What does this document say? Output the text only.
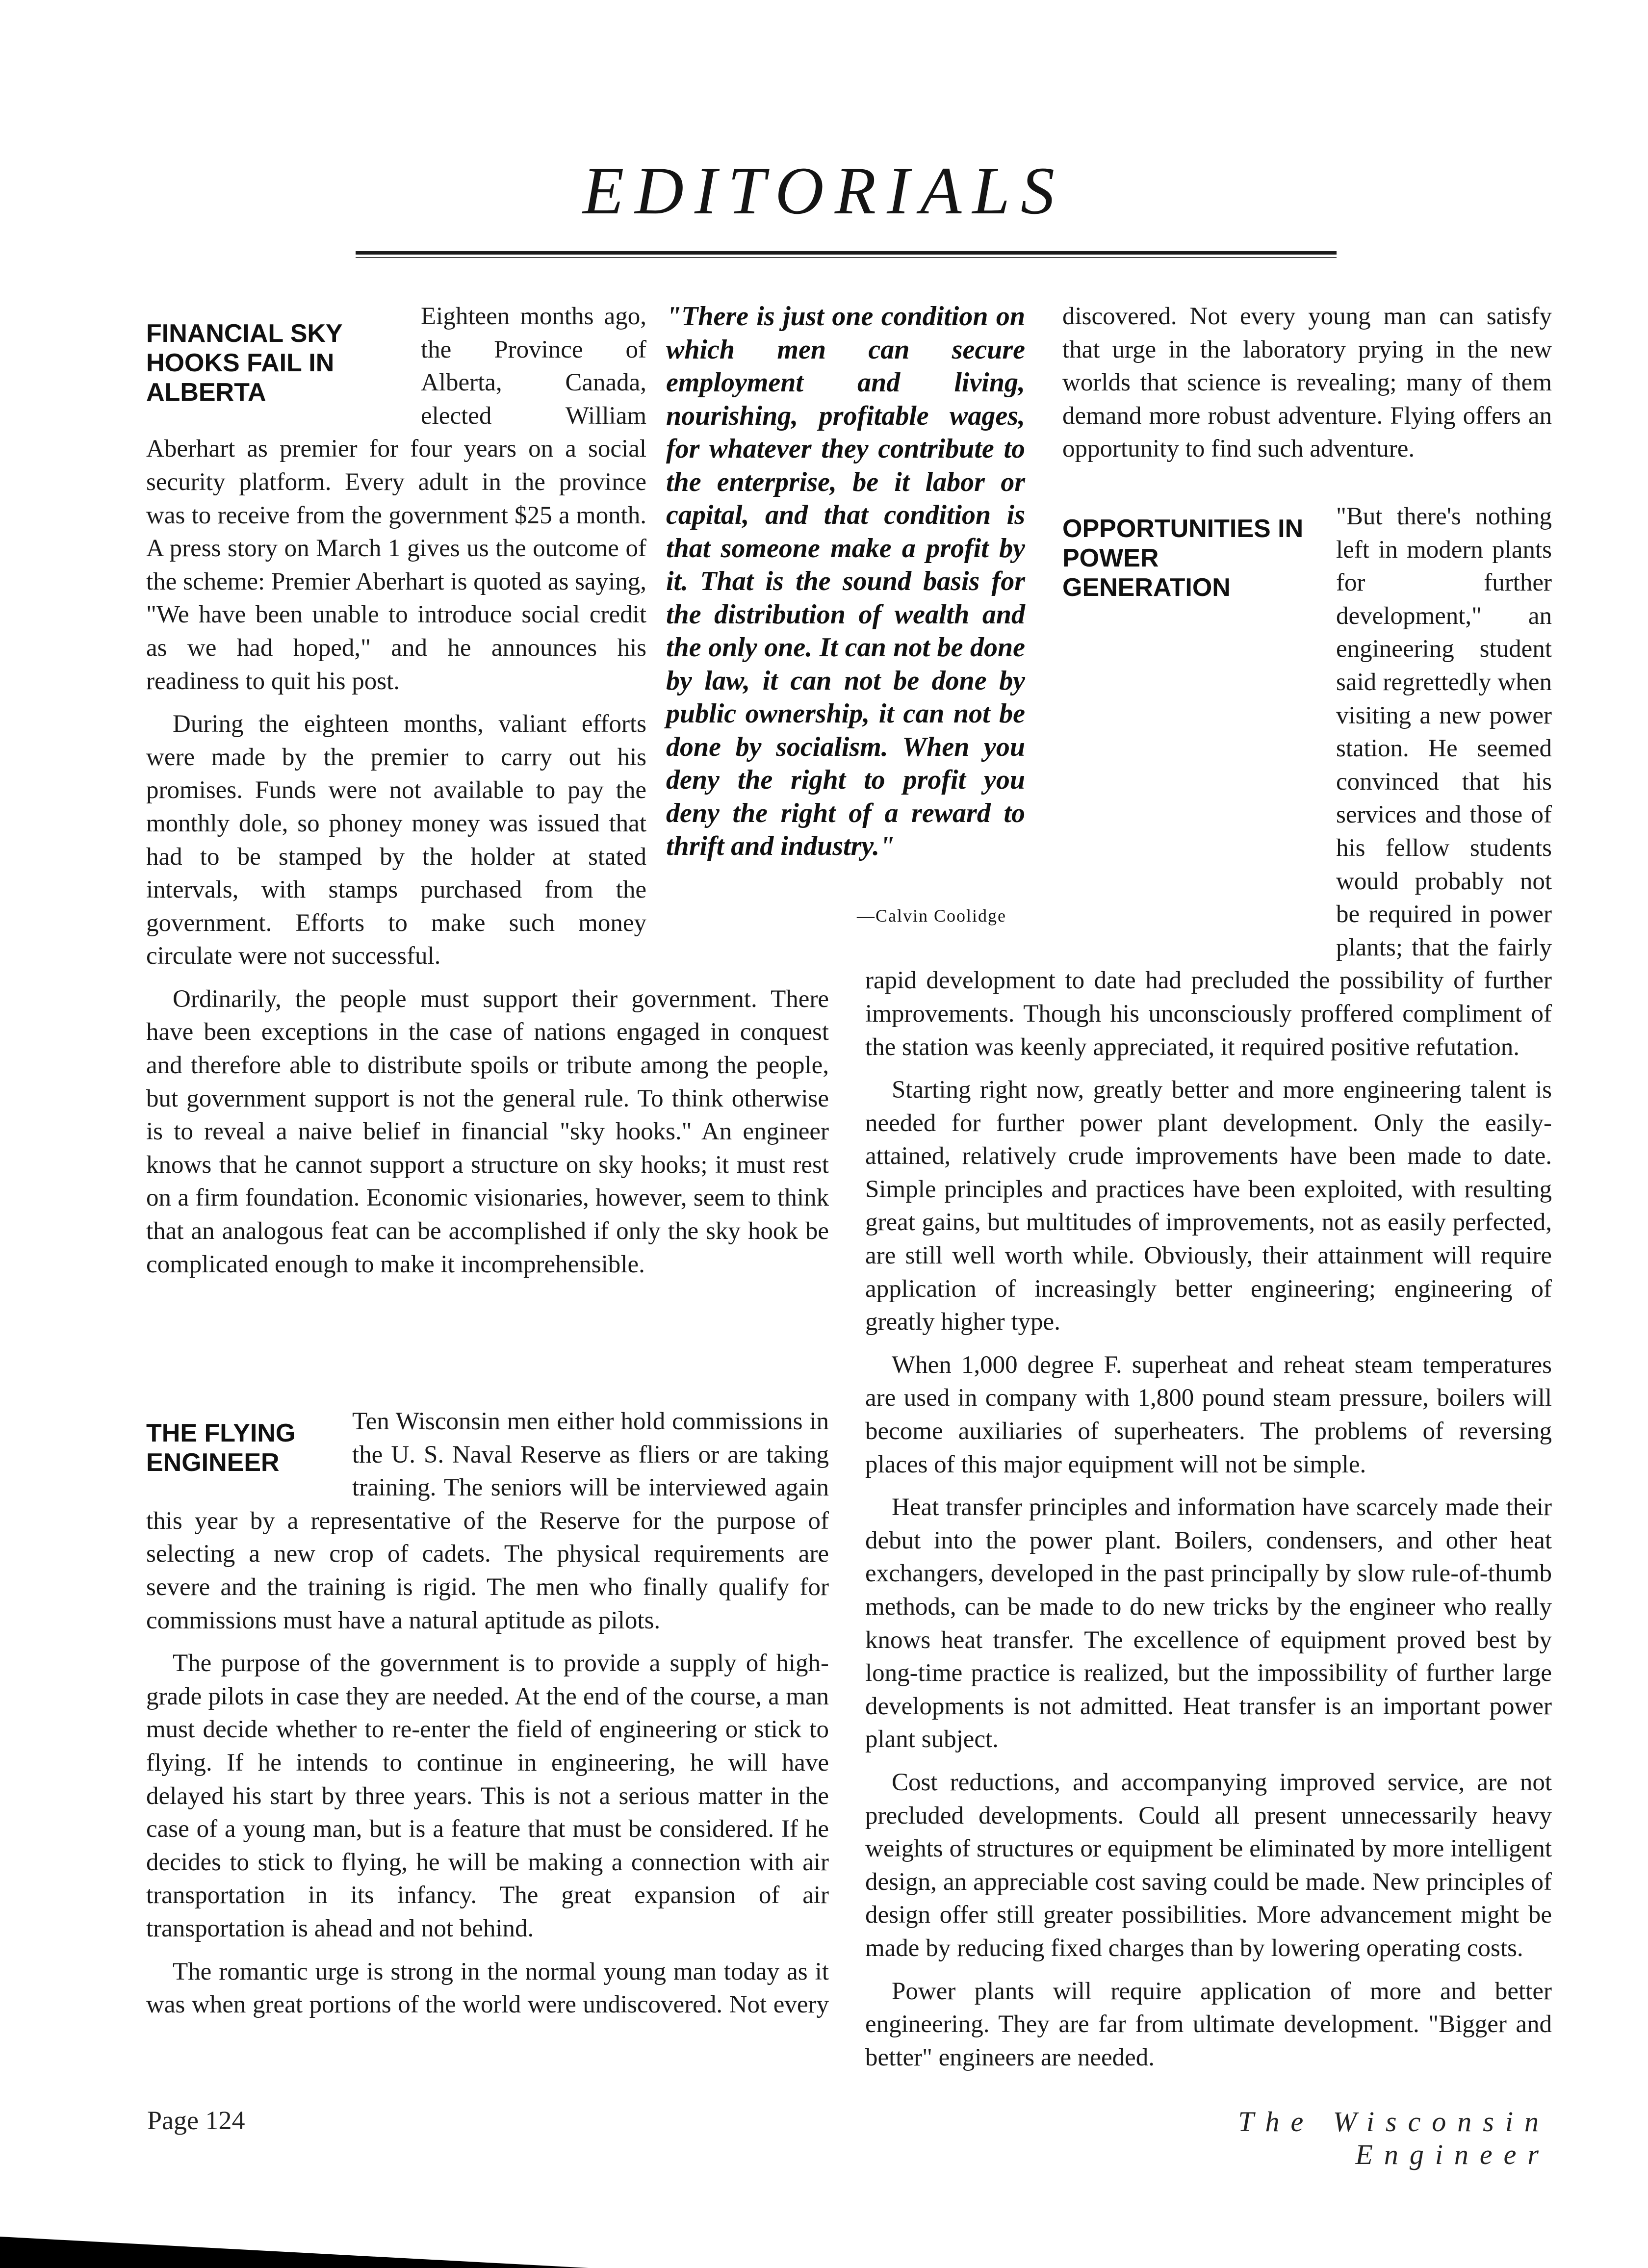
EDITORIALS
FINANCIAL SKY HOOKS FAIL IN ALBERTA

Eighteen months ago, the Province of Alberta, Canada, elected William Aberhart as premier for four years on a social security platform. Every adult in the province was to receive from the government $25 a month. A press story on March 1 gives us the outcome of the scheme: Premier Aberhart is quoted as saying, "We have been unable to introduce social credit as we had hoped," and he announces his readiness to quit his post.

During the eighteen months, valiant efforts were made by the premier to carry out his promises. Funds were not available to pay the monthly dole, so phoney money was issued that had to be stamped by the holder at stated intervals, with stamps purchased from the government. Efforts to make such money circulate were not successful.

Ordinarily, the people must support their government. There have been exceptions in the case of nations engaged in conquest and therefore able to distribute spoils or tribute among the people, but government support is not the general rule. To think otherwise is to reveal a naive belief in financial "sky hooks." An engineer knows that he cannot support a structure on sky hooks; it must rest on a firm foundation. Economic visionaries, however, seem to think that an analogous feat can be accomplished if only the sky hook be complicated enough to make it incomprehensible.

THE FLYING ENGINEER

Ten Wisconsin men either hold commissions in the U. S. Naval Reserve as fliers or are taking training. The seniors will be interviewed again this year by a representative of the Reserve for the purpose of selecting a new crop of cadets. The physical requirements are severe and the training is rigid. The men who finally qualify for commissions must have a natural aptitude as pilots.

The purpose of the government is to provide a supply of high-grade pilots in case they are needed. At the end of the course, a man must decide whether to re-enter the field of engineering or stick to flying. If he intends to continue in engineering, he will have delayed his start by three years. This is not a serious matter in the case of a young man, but is a feature that must be considered. If he decides to stick to flying, he will be making a connection with air transportation in its infancy. The great expansion of air transportation is ahead and not behind.

The romantic urge is strong in the normal young man today as it was when great portions of the world were undiscovered. Not every

"There is just one condition on which men can secure employment and living, nourishing, profitable wages, for whatever they contribute to the enterprise, be it labor or capital, and that condition is that someone make a profit by it. That is the sound basis for the distribution of wealth and the only one. It can not be done by law, it can not be done by public ownership, it can not be done by socialism. When you deny the right to profit you deny the right of a reward to thrift and industry."
—Calvin Coolidge

discovered. Not every young man can satisfy that urge in the laboratory prying in the new worlds that science is revealing; many of them demand more robust adventure. Flying offers an opportunity to find such adventure.

OPPORTUNITIES IN POWER GENERATION

"But there's nothing left in modern plants for further development," an engineering student said regrettedly when visiting a new power station. He seemed convinced that his services and those of his fellow students would probably not be required in power plants; that the fairly rapid development to date had precluded the possibility of further improvements. Though his unconsciously proffered compliment of the station was keenly appreciated, it required positive refutation.

Starting right now, greatly better and more engineering talent is needed for further power plant development. Only the easily-attained, relatively crude improvements have been made to date. Simple principles and practices have been exploited, with resulting great gains, but multitudes of improvements, not as easily perfected, are still well worth while. Obviously, their attainment will require application of increasingly better engineering; engineering of greatly higher type.

When 1,000 degree F. superheat and reheat steam temperatures are used in company with 1,800 pound steam pressure, boilers will become auxiliaries of superheaters. The problems of reversing places of this major equipment will not be simple.

Heat transfer principles and information have scarcely made their debut into the power plant. Boilers, condensers, and other heat exchangers, developed in the past principally by slow rule-of-thumb methods, can be made to do new tricks by the engineer who really knows heat transfer. The excellence of equipment proved best by long-time practice is realized, but the impossibility of further large developments is not admitted. Heat transfer is an important power plant subject.

Cost reductions, and accompanying improved service, are not precluded developments. Could all present unnecessarily heavy weights of structures or equipment be eliminated by more intelligent design, an appreciable cost saving could be made. New principles of design offer still greater possibilities. More advancement might be made by reducing fixed charges than by lowering operating costs.

Power plants will require application of more and better engineering. They are far from ultimate development. "Bigger and better" engineers are needed.

Page 124	The Wisconsin Engineer
